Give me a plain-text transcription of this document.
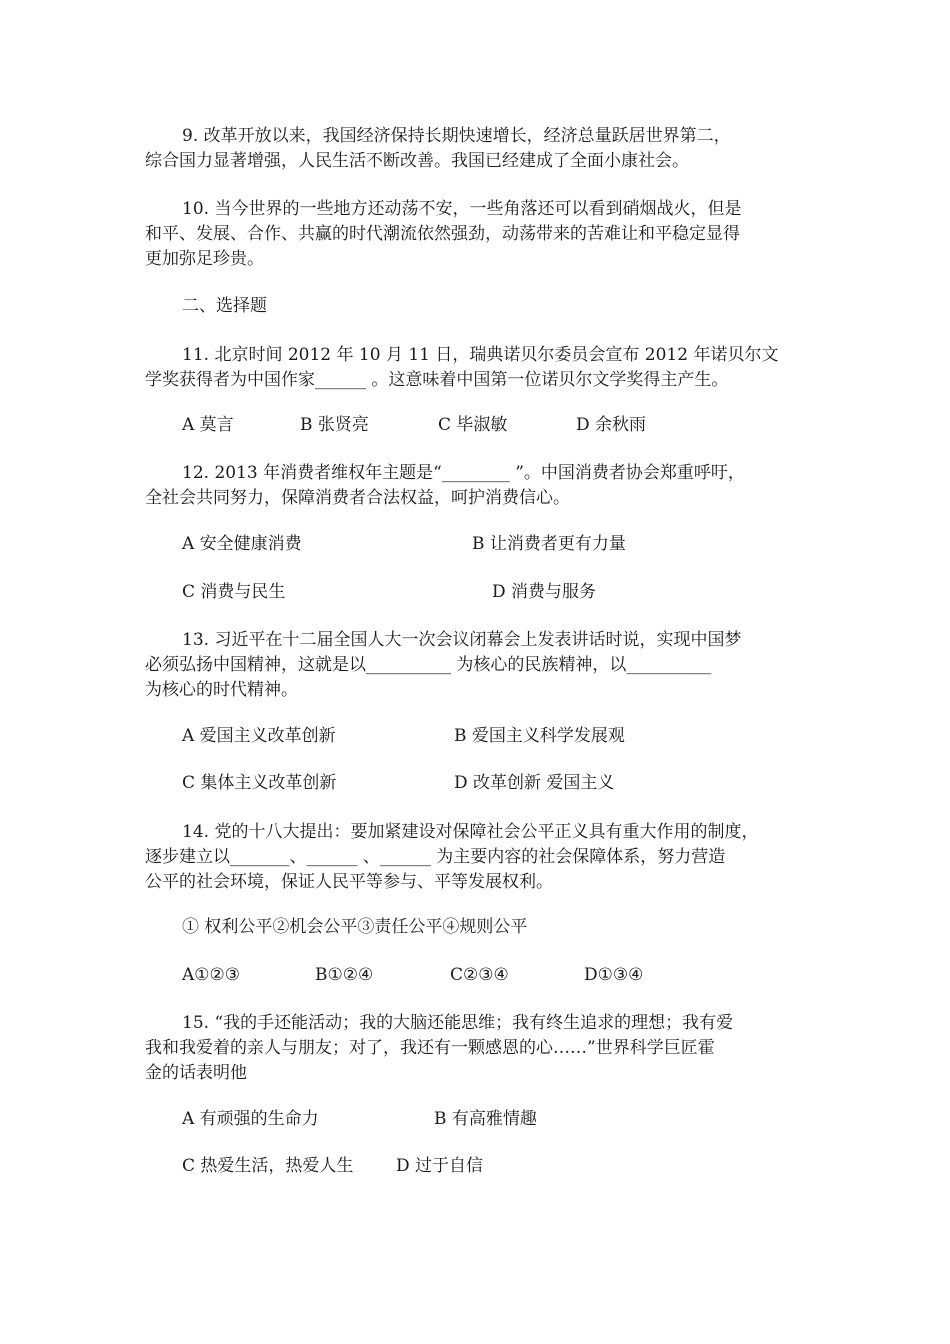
9. 改革开放以来，我国经济保持长期快速增长，经济总量跃居世界第二，
综合国力显著增强，人民生活不断改善。我国已经建成了全面小康社会。

10. 当今世界的一些地方还动荡不安，一些角落还可以看到硝烟战火，但是
和平、发展、合作、共赢的时代潮流依然强劲，动荡带来的苦难让和平稳定显得
更加弥足珍贵。

二、选择题

11. 北京时间 2012 年 10 月 11 日，瑞典诺贝尔委员会宣布 2012 年诺贝尔文
学奖获得者为中国作家______ 。这意味着中国第一位诺贝尔文学奖得主产生。

A 莫言	B 张贤亮	C 毕淑敏	D 余秋雨

12. 2013 年消费者维权年主题是“________ ”。中国消费者协会郑重呼吁，
全社会共同努力，保障消费者合法权益，呵护消费信心。

A 安全健康消费	B 让消费者更有力量
C 消费与民生	D 消费与服务

13. 习近平在十二届全国人大一次会议闭幕会上发表讲话时说，实现中国梦
必须弘扬中国精神，这就是以__________ 为核心的民族精神，以__________
为核心的时代精神。

A 爱国主义改革创新	B 爱国主义科学发展观
C 集体主义改革创新	D 改革创新 爱国主义

14. 党的十八大提出：要加紧建设对保障社会公平正义具有重大作用的制度，
逐步建立以_______、______ 、______ 为主要内容的社会保障体系，努力营造
公平的社会环境，保证人民平等参与、平等发展权利。

① 权利公平②机会公平③责任公平④规则公平
A①②③	B①②④	C②③④	D①③④

15. “我的手还能活动；我的大脑还能思维；我有终生追求的理想；我有爱
我和我爱着的亲人与朋友；对了，我还有一颗感恩的心……”世界科学巨匠霍
金的话表明他

A 有顽强的生命力	B 有高雅情趣
C 热爱生活，热爱人生	D 过于自信
